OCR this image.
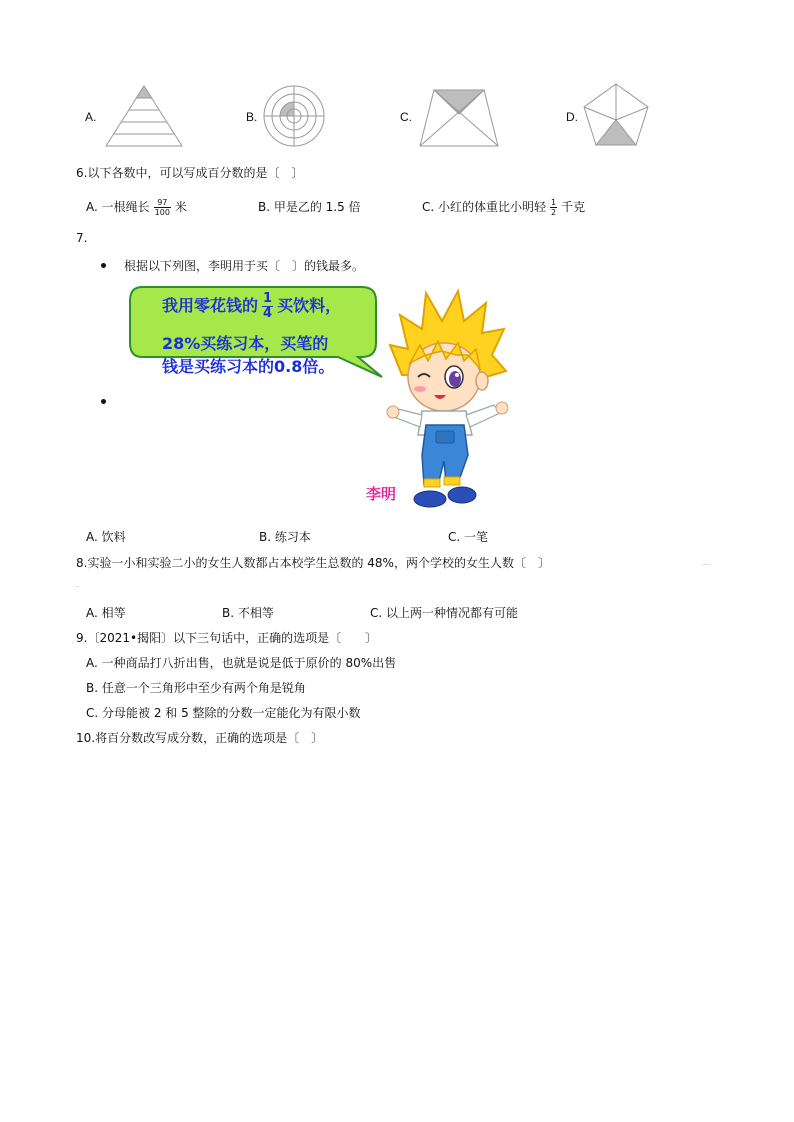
A.	B.	C.	D.
6.以下各数中，可以写成百分数的是〔　〕
A. 一根绳长 $\frac{97}{100}$ 米	B. 甲是乙的 1.5 倍	C. 小红的体重比小明轻 $\frac{1}{2}$ 千克
7.
根据以下列图，李明用于买〔　〕的钱最多。
我用零花钱的 $\frac{1}{4}$ 买饮料，
28%买练习本，买笔的
钱是买练习本的0.8倍。
李明
A. 饮料	B. 练习本	C. 一笔
8.实验一小和实验二小的女生人数都占本校学生总数的 48%，两个学校的女生人数〔　〕	·····
··
A. 相等	B. 不相等	C. 以上两一种情况都有可能
9.〔2021•揭阳〕以下三句话中，正确的选项是〔　　〕
A. 一种商品打八折出售，也就是说是低于原价的 80%出售
B. 任意一个三角形中至少有两个角是锐角
C. 分母能被 2 和 5 整除的分数一定能化为有限小数
10.将百分数改写成分数，正确的选项是〔　〕
